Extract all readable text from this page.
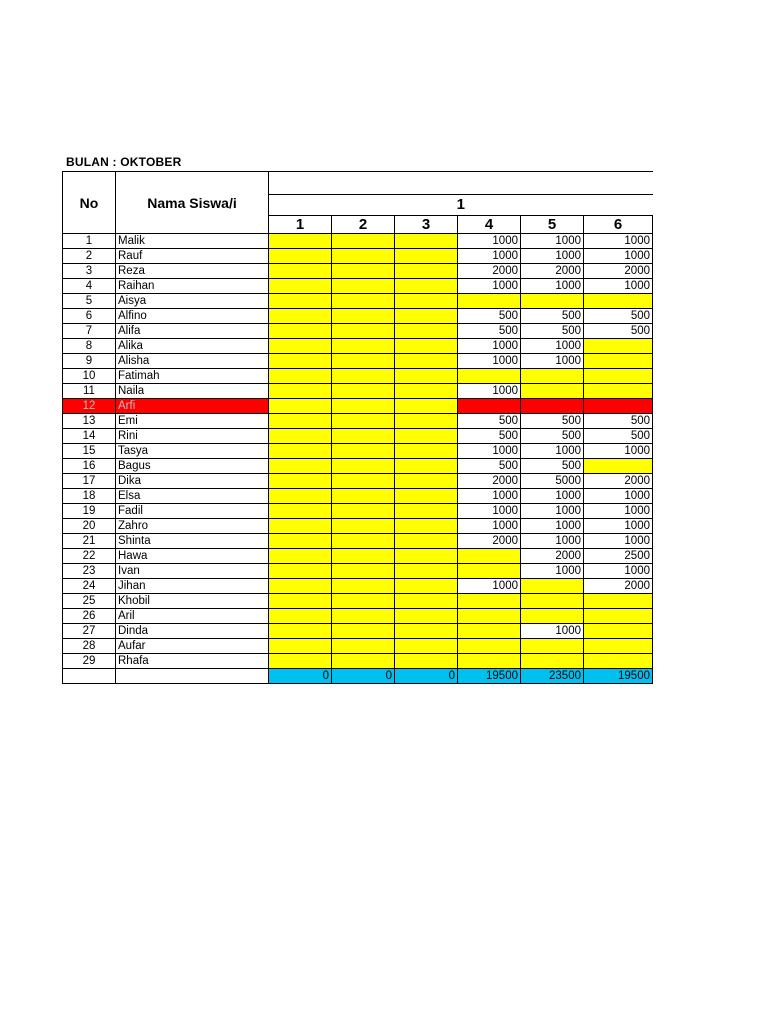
BULAN : OKTOBER
No	Nama Siswa/i						
		1					
		1	2	3	4	5	6
1	Malik				1000	1000	1000
2	Rauf				1000	1000	1000
3	Reza				2000	2000	2000
4	Raihan				1000	1000	1000
5	Aisya						
6	Alfino				500	500	500
7	Alifa				500	500	500
8	Alika				1000	1000	
9	Alisha				1000	1000	
10	Fatimah						
11	Naila				1000		
12	Arfi						
13	Emi				500	500	500
14	Rini				500	500	500
15	Tasya				1000	1000	1000
16	Bagus				500	500	
17	Dika				2000	5000	2000
18	Elsa				1000	1000	1000
19	Fadil				1000	1000	1000
20	Zahro				1000	1000	1000
21	Shinta				2000	1000	1000
22	Hawa					2000	2500
23	Ivan					1000	1000
24	Jihan				1000		2000
25	Khobil						
26	Aril						
27	Dinda					1000	
28	Aufar						
29	Rhafa						
		0	0	0	19500	23500	19500
